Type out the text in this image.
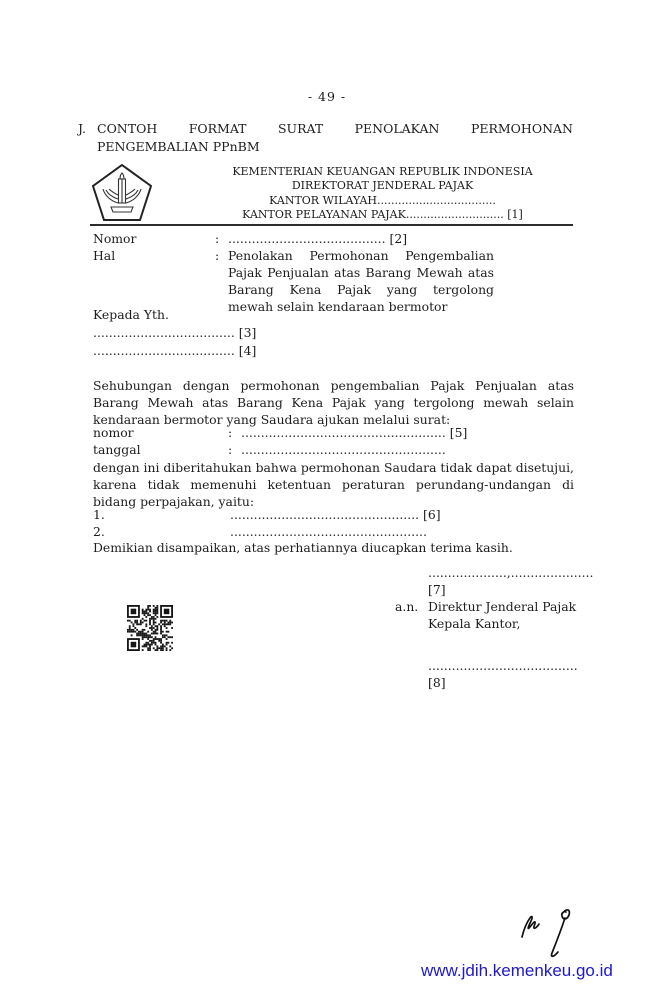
- 49 -
J. CONTOH	FORMAT	SURAT	PENOLAKAN	PERMOHONAN
PENGEMBALIAN PPnBM
KEMENTERIAN KEUANGAN REPUBLIK INDONESIA
DIREKTORAT JENDERAL PAJAK
KANTOR WILAYAH..................................
KANTOR PELAYANAN PAJAK............................ [1]
Nomor	: ........................................ [2]
Hal	: Penolakan Permohonan Pengembalian Pajak Penjualan atas Barang Mewah atas Barang Kena Pajak yang tergolong mewah selain kendaraan bermotor
Kepada Yth.
.................................... [3]
.................................... [4]
Sehubungan dengan permohonan pengembalian Pajak Penjualan atas Barang Mewah atas Barang Kena Pajak yang tergolong mewah selain kendaraan bermotor yang Saudara ajukan melalui surat:
nomor	: .................................................... [5]
tanggal	: ....................................................
dengan ini diberitahukan bahwa permohonan Saudara tidak dapat disetujui, karena tidak memenuhi ketentuan peraturan perundang-undangan di bidang perpajakan, yaitu:
1.	................................................ [6]
2.	..................................................
Demikian disampaikan, atas perhatiannya diucapkan terima kasih.
....................,.....................[7]
a.n. Direktur Jenderal Pajak
Kepala Kantor,
......................................[8]
www.jdih.kemenkeu.go.id
